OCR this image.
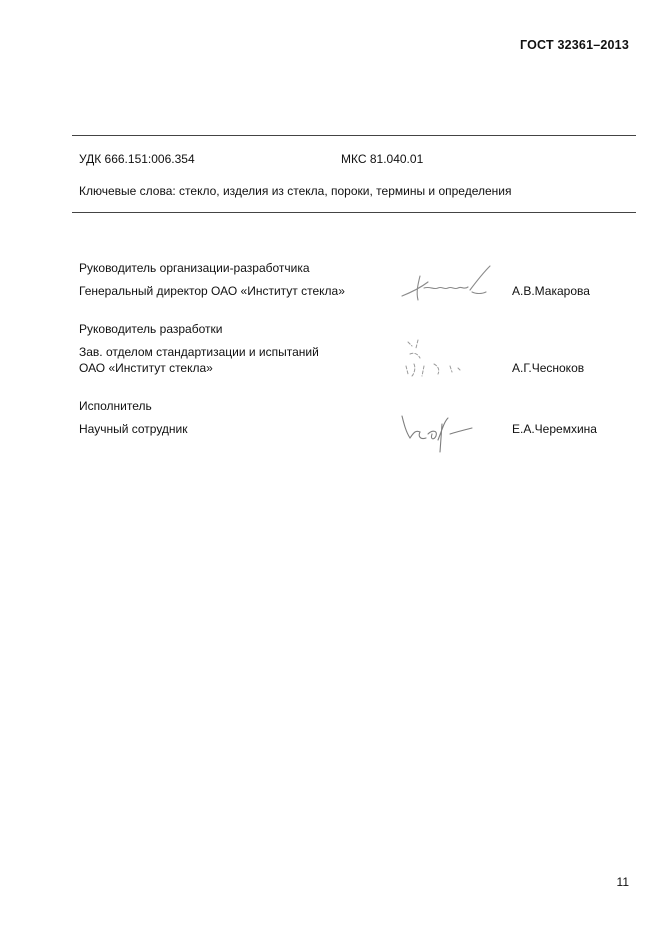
ГОСТ 32361–2013
УДК 666.151:006.354	МКС 81.040.01
Ключевые слова: стекло, изделия из стекла, пороки, термины и определения
Руководитель организации-разработчика
Генеральный директор ОАО «Институт стекла»	А.В.Макарова
Руководитель разработки
Зав. отделом стандартизации и испытаний
ОАО «Институт стекла»	А.Г.Чесноков
Исполнитель
Научный сотрудник	Е.А.Черемхина
11
